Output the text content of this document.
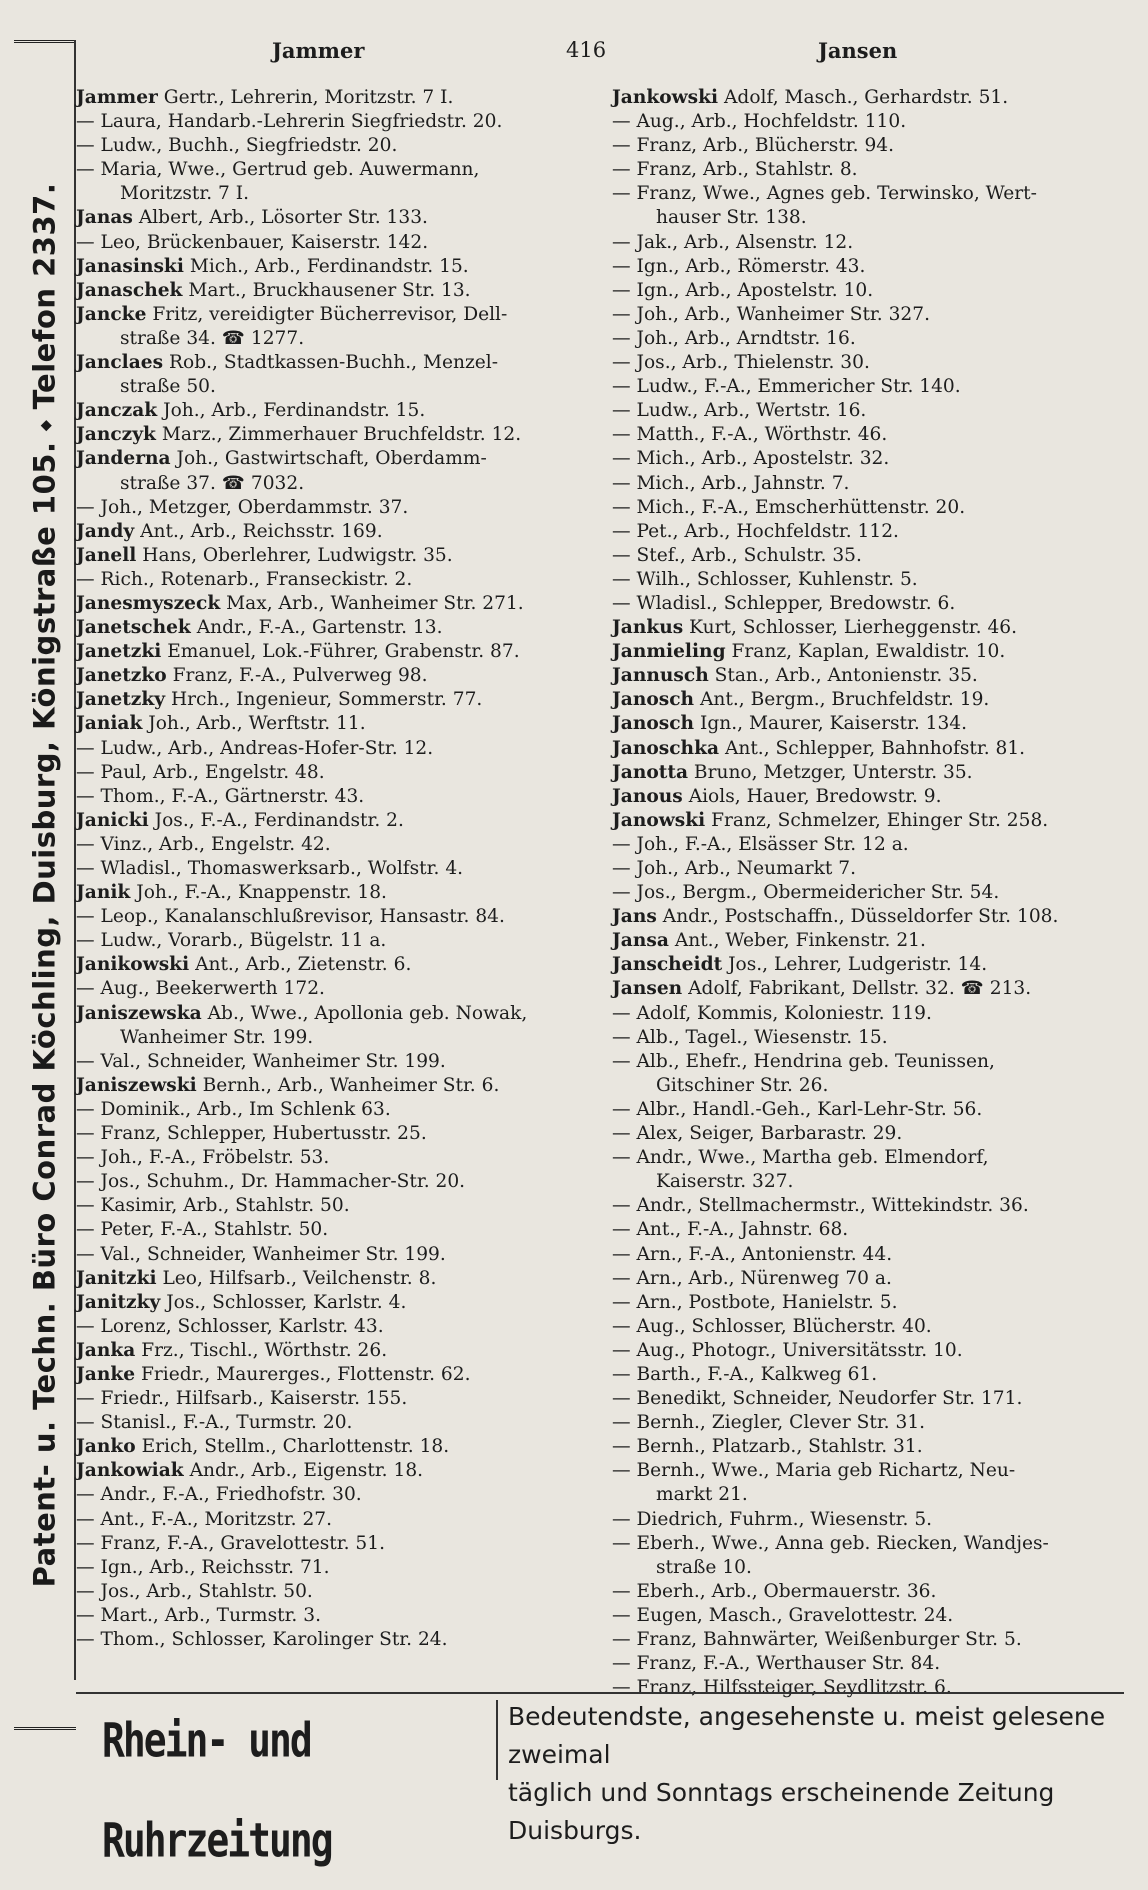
Patent- u. Techn. Büro Conrad Köchling, Duisburg, Königstraße 105. ⬩ Telefon 2337.
Jammer	416	Jansen
Jammer Gertr., Lehrerin, Moritzstr. 7 I.
— Laura, Handarb.-Lehrerin Siegfriedstr. 20.
— Ludw., Buchh., Siegfriedstr. 20.
— Maria, Wwe., Gertrud geb. Auwermann,
Moritzstr. 7 I.
Janas Albert, Arb., Lösorter Str. 133.
— Leo, Brückenbauer, Kaiserstr. 142.
Janasinski Mich., Arb., Ferdinandstr. 15.
Janaschek Mart., Bruckhausener Str. 13.
Jancke Fritz, vereidigter Bücherrevisor, Dell-
straße 34. ☎ 1277.
Janclaes Rob., Stadtkassen-Buchh., Menzel-
straße 50.
Janczak Joh., Arb., Ferdinandstr. 15.
Janczyk Marz., Zimmerhauer Bruchfeldstr. 12.
Janderna Joh., Gastwirtschaft, Oberdamm-
straße 37. ☎ 7032.
— Joh., Metzger, Oberdammstr. 37.
Jandy Ant., Arb., Reichsstr. 169.
Janell Hans, Oberlehrer, Ludwigstr. 35.
— Rich., Rotenarb., Franseckistr. 2.
Janesmyszeck Max, Arb., Wanheimer Str. 271.
Janetschek Andr., F.-A., Gartenstr. 13.
Janetzki Emanuel, Lok.-Führer, Grabenstr. 87.
Janetzko Franz, F.-A., Pulverweg 98.
Janetzky Hrch., Ingenieur, Sommerstr. 77.
Janiak Joh., Arb., Werftstr. 11.
— Ludw., Arb., Andreas-Hofer-Str. 12.
— Paul, Arb., Engelstr. 48.
— Thom., F.-A., Gärtnerstr. 43.
Janicki Jos., F.-A., Ferdinandstr. 2.
— Vinz., Arb., Engelstr. 42.
— Wladisl., Thomaswerksarb., Wolfstr. 4.
Janik Joh., F.-A., Knappenstr. 18.
— Leop., Kanalanschlußrevisor, Hansastr. 84.
— Ludw., Vorarb., Bügelstr. 11 a.
Janikowski Ant., Arb., Zietenstr. 6.
— Aug., Beekerwerth 172.
Janiszewska Ab., Wwe., Apollonia geb. Nowak,
Wanheimer Str. 199.
— Val., Schneider, Wanheimer Str. 199.
Janiszewski Bernh., Arb., Wanheimer Str. 6.
— Dominik., Arb., Im Schlenk 63.
— Franz, Schlepper, Hubertusstr. 25.
— Joh., F.-A., Fröbelstr. 53.
— Jos., Schuhm., Dr. Hammacher-Str. 20.
— Kasimir, Arb., Stahlstr. 50.
— Peter, F.-A., Stahlstr. 50.
— Val., Schneider, Wanheimer Str. 199.
Janitzki Leo, Hilfsarb., Veilchenstr. 8.
Janitzky Jos., Schlosser, Karlstr. 4.
— Lorenz, Schlosser, Karlstr. 43.
Janka Frz., Tischl., Wörthstr. 26.
Janke Friedr., Maurerges., Flottenstr. 62.
— Friedr., Hilfsarb., Kaiserstr. 155.
— Stanisl., F.-A., Turmstr. 20.
Janko Erich, Stellm., Charlottenstr. 18.
Jankowiak Andr., Arb., Eigenstr. 18.
— Andr., F.-A., Friedhofstr. 30.
— Ant., F.-A., Moritzstr. 27.
— Franz, F.-A., Gravelottestr. 51.
— Ign., Arb., Reichsstr. 71.
— Jos., Arb., Stahlstr. 50.
— Mart., Arb., Turmstr. 3.
— Thom., Schlosser, Karolinger Str. 24.
Jankowski Adolf, Masch., Gerhardstr. 51.
— Aug., Arb., Hochfeldstr. 110.
— Franz, Arb., Blücherstr. 94.
— Franz, Arb., Stahlstr. 8.
— Franz, Wwe., Agnes geb. Terwinsko, Wert-
hauser Str. 138.
— Jak., Arb., Alsenstr. 12.
— Ign., Arb., Römerstr. 43.
— Ign., Arb., Apostelstr. 10.
— Joh., Arb., Wanheimer Str. 327.
— Joh., Arb., Arndtstr. 16.
— Jos., Arb., Thielenstr. 30.
— Ludw., F.-A., Emmericher Str. 140.
— Ludw., Arb., Wertstr. 16.
— Matth., F.-A., Wörthstr. 46.
— Mich., Arb., Apostelstr. 32.
— Mich., Arb., Jahnstr. 7.
— Mich., F.-A., Emscherhüttenstr. 20.
— Pet., Arb., Hochfeldstr. 112.
— Stef., Arb., Schulstr. 35.
— Wilh., Schlosser, Kuhlenstr. 5.
— Wladisl., Schlepper, Bredowstr. 6.
Jankus Kurt, Schlosser, Lierheggenstr. 46.
Janmieling Franz, Kaplan, Ewaldistr. 10.
Jannusch Stan., Arb., Antonienstr. 35.
Janosch Ant., Bergm., Bruchfeldstr. 19.
Janosch Ign., Maurer, Kaiserstr. 134.
Janoschka Ant., Schlepper, Bahnhofstr. 81.
Janotta Bruno, Metzger, Unterstr. 35.
Janous Aiols, Hauer, Bredowstr. 9.
Janowski Franz, Schmelzer, Ehinger Str. 258.
— Joh., F.-A., Elsässer Str. 12 a.
— Joh., Arb., Neumarkt 7.
— Jos., Bergm., Obermeidericher Str. 54.
Jans Andr., Postschaffn., Düsseldorfer Str. 108.
Jansa Ant., Weber, Finkenstr. 21.
Janscheidt Jos., Lehrer, Ludgeristr. 14.
Jansen Adolf, Fabrikant, Dellstr. 32. ☎ 213.
— Adolf, Kommis, Koloniestr. 119.
— Alb., Tagel., Wiesenstr. 15.
— Alb., Ehefr., Hendrina geb. Teunissen,
Gitschiner Str. 26.
— Albr., Handl.-Geh., Karl-Lehr-Str. 56.
— Alex, Seiger, Barbarastr. 29.
— Andr., Wwe., Martha geb. Elmendorf,
Kaiserstr. 327.
— Andr., Stellmachermstr., Wittekindstr. 36.
— Ant., F.-A., Jahnstr. 68.
— Arn., F.-A., Antonienstr. 44.
— Arn., Arb., Nürenweg 70 a.
— Arn., Postbote, Hanielstr. 5.
— Aug., Schlosser, Blücherstr. 40.
— Aug., Photogr., Universitätsstr. 10.
— Barth., F.-A., Kalkweg 61.
— Benedikt, Schneider, Neudorfer Str. 171.
— Bernh., Ziegler, Clever Str. 31.
— Bernh., Platzarb., Stahlstr. 31.
— Bernh., Wwe., Maria geb Richartz, Neu-
markt 21.
— Diedrich, Fuhrm., Wiesenstr. 5.
— Eberh., Wwe., Anna geb. Riecken, Wandjes-
straße 10.
— Eberh., Arb., Obermauerstr. 36.
— Eugen, Masch., Gravelottestr. 24.
— Franz, Bahnwärter, Weißenburger Str. 5.
— Franz, F.-A., Werthauser Str. 84.
— Franz, Hilfssteiger, Seydlitzstr. 6.
Rhein- und Ruhrzeitung
Bedeutendste, angesehenste u. meist gelesene zweimal
täglich und Sonntags erscheinende Zeitung Duisburgs.
